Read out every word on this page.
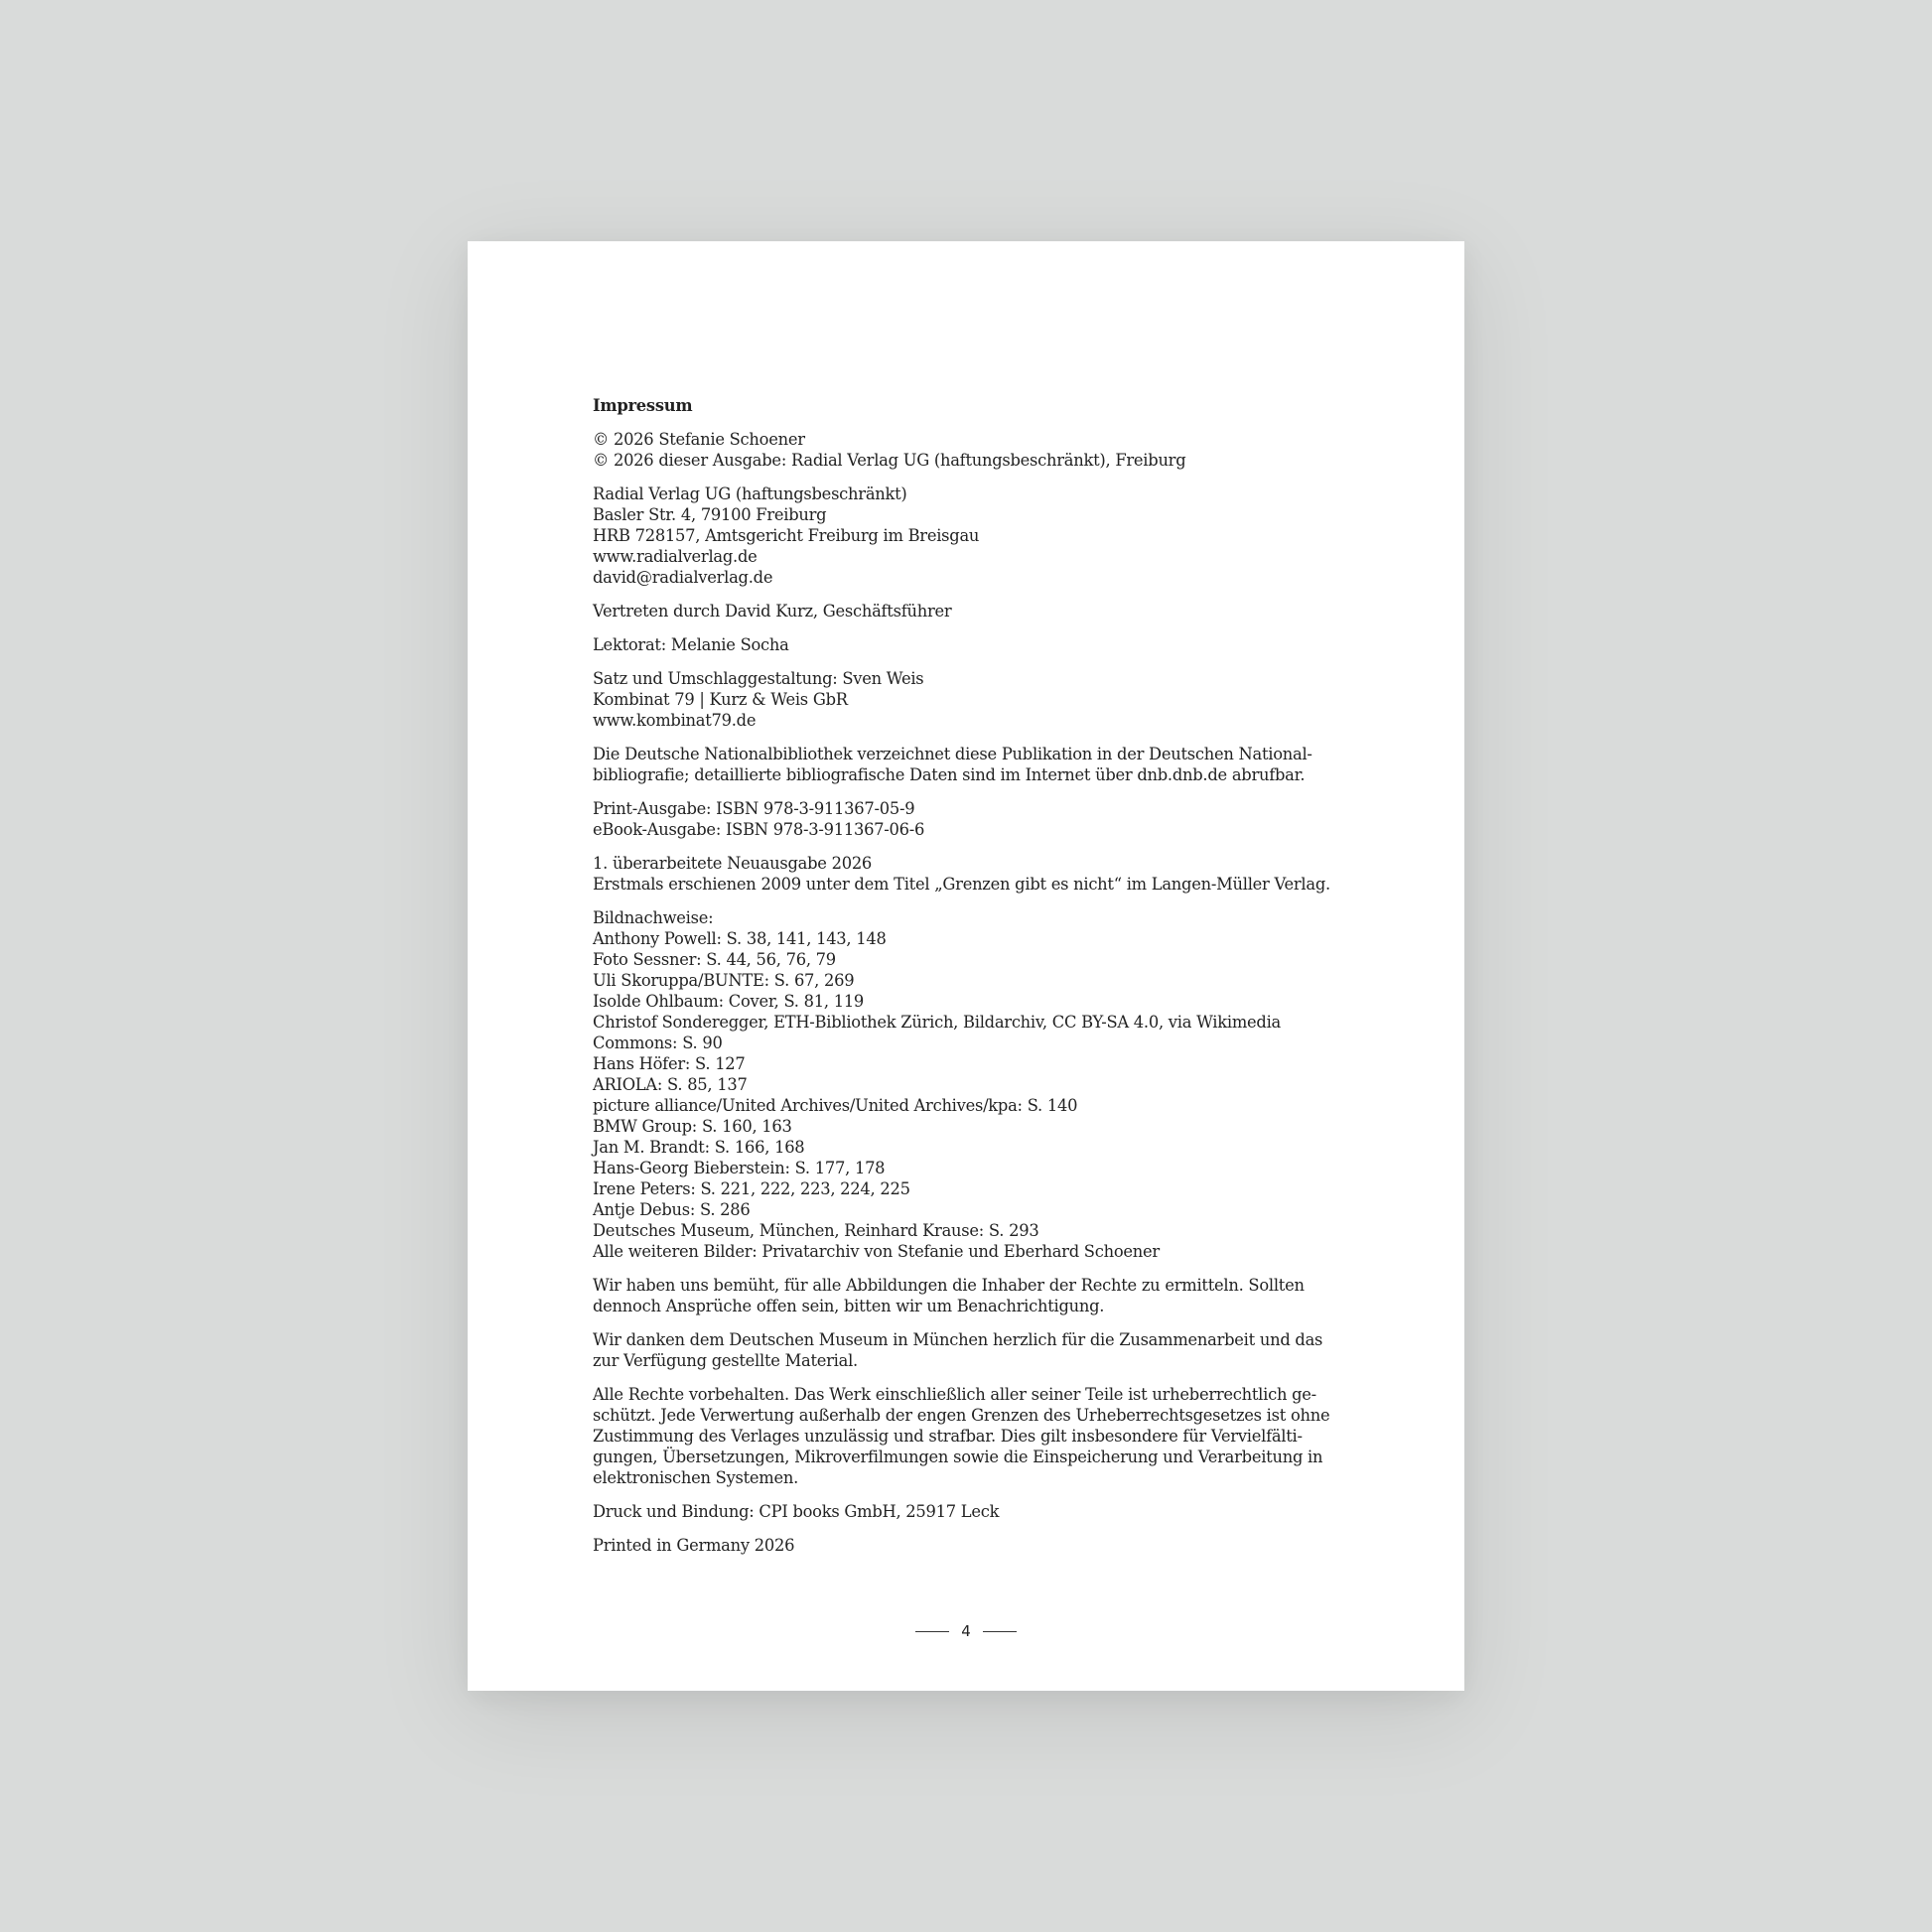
Impressum
© 2026 Stefanie Schoener
© 2026 dieser Ausgabe: Radial Verlag UG (haftungsbeschränkt), Freiburg
Radial Verlag UG (haftungsbeschränkt)
Basler Str. 4, 79100 Freiburg
HRB 728157, Amtsgericht Freiburg im Breisgau
www.radialverlag.de
david@radialverlag.de
Vertreten durch David Kurz, Geschäftsführer
Lektorat: Melanie Socha
Satz und Umschlaggestaltung: Sven Weis
Kombinat 79 | Kurz & Weis GbR
www.kombinat79.de
Die Deutsche Nationalbibliothek verzeichnet diese Publikation in der Deutschen National-
bibliografie; detaillierte bibliografische Daten sind im Internet über dnb.dnb.de abrufbar.
Print-Ausgabe: ISBN 978-3-911367-05-9
eBook-Ausgabe: ISBN 978-3-911367-06-6
1. überarbeitete Neuausgabe 2026
Erstmals erschienen 2009 unter dem Titel „Grenzen gibt es nicht“ im Langen-Müller Verlag.
Bildnachweise:
Anthony Powell: S. 38, 141, 143, 148
Foto Sessner: S. 44, 56, 76, 79
Uli Skoruppa/BUNTE: S. 67, 269
Isolde Ohlbaum: Cover, S. 81, 119
Christof Sonderegger, ETH-Bibliothek Zürich, Bildarchiv, CC BY-SA 4.0, via Wikimedia
Commons: S. 90
Hans Höfer: S. 127
ARIOLA: S. 85, 137
picture alliance/United Archives/United Archives/kpa: S. 140
BMW Group: S. 160, 163
Jan M. Brandt: S. 166, 168
Hans-Georg Bieberstein: S. 177, 178
Irene Peters: S. 221, 222, 223, 224, 225
Antje Debus: S. 286
Deutsches Museum, München, Reinhard Krause: S. 293
Alle weiteren Bilder: Privatarchiv von Stefanie und Eberhard Schoener
Wir haben uns bemüht, für alle Abbildungen die Inhaber der Rechte zu ermitteln. Sollten
dennoch Ansprüche offen sein, bitten wir um Benachrichtigung.
Wir danken dem Deutschen Museum in München herzlich für die Zusammenarbeit und das
zur Verfügung gestellte Material.
Alle Rechte vorbehalten. Das Werk einschließlich aller seiner Teile ist urheberrechtlich ge-
schützt. Jede Verwertung außerhalb der engen Grenzen des Urheberrechtsgesetzes ist ohne
Zustimmung des Verlages unzulässig und strafbar. Dies gilt insbesondere für Vervielfälti-
gungen, Übersetzungen, Mikroverfilmungen sowie die Einspeicherung und Verarbeitung in
elektronischen Systemen.
Druck und Bindung: CPI books GmbH, 25917 Leck
Printed in Germany 2026
4
